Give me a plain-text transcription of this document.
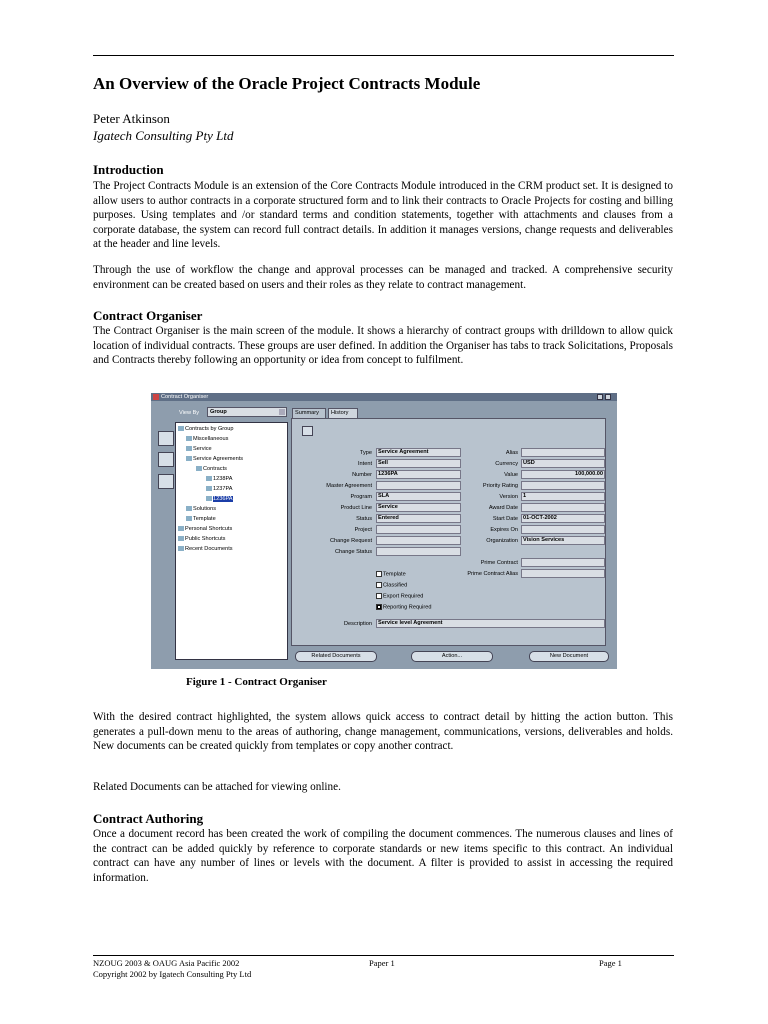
An Overview of the Oracle Project Contracts Module
Peter Atkinson
Igatech Consulting Pty Ltd
Introduction

The Project Contracts Module is an extension of the Core Contracts Module introduced in the CRM product set. It is designed to allow users to author contracts in a corporate structured form and to link their contracts to Oracle Projects for costing and billing purposes. Using templates and /or standard terms and condition statements, together with attachments and clauses from a corporate database, the system can record full contract details. In addition it manages versions, change requests and deliverables at the header and line levels.

Through the use of workflow the change and approval processes can be managed and tracked. A comprehensive security environment can be created based on users and their roles as they relate to contract management.

Contract Organiser

The Contract Organiser is the main screen of the module. It shows a hierarchy of contract groups with drilldown to allow quick location of individual contracts. These groups are user defined. In addition the Organiser has tabs to track Solicitations, Proposals and Contracts thereby following an opportunity or idea from concept to fulfilment.

Contract Organiser
View By Group
Contracts by Group
Miscellaneous
Service
Service Agreements
Contracts
1238PA
1237PA
1236PA
Solutions
Template
Personal Shortcuts
Public Shortcuts
Recent Documents
Summary	History
Type	Service Agreement
Intent	Sell
Number	1236PA
Master Agreement
Program	SLA
Product Line	Service
Status	Entered
Project
Change Request
Change Status
Alias
Currency USD
Value	100,000.00
Priority Rating
Version 1
Award Date
Start Date 01-OCT-2002
Expires On
Organization Vision Services
Prime Contract
Prime Contract Alias
Template
Classified
Export Required
Reporting Required
Description	Service level Agreement
Related Documents	Action...	New Document
Figure 1 - Contract Organiser

With the desired contract highlighted, the system allows quick access to contract detail by hitting the action button. This generates a pull-down menu to the areas of authoring, change management, communications, versions, deliverables and holds. New documents can be created quickly from templates or copy another contract.

Related Documents can be attached for viewing online.

Contract Authoring

Once a document record has been created the work of compiling the document commences. The numerous clauses and lines of the contract can be added quickly by reference to corporate standards or new items specific to this contract. An individual contract can have any number of lines or levels with the document. A filter is provided to assist in accessing the required information.

NZOUG 2003 & OAUG Asia Pacific 2002
Copyright 2002 by Igatech Consulting Pty Ltd
Paper 1	Page 1
